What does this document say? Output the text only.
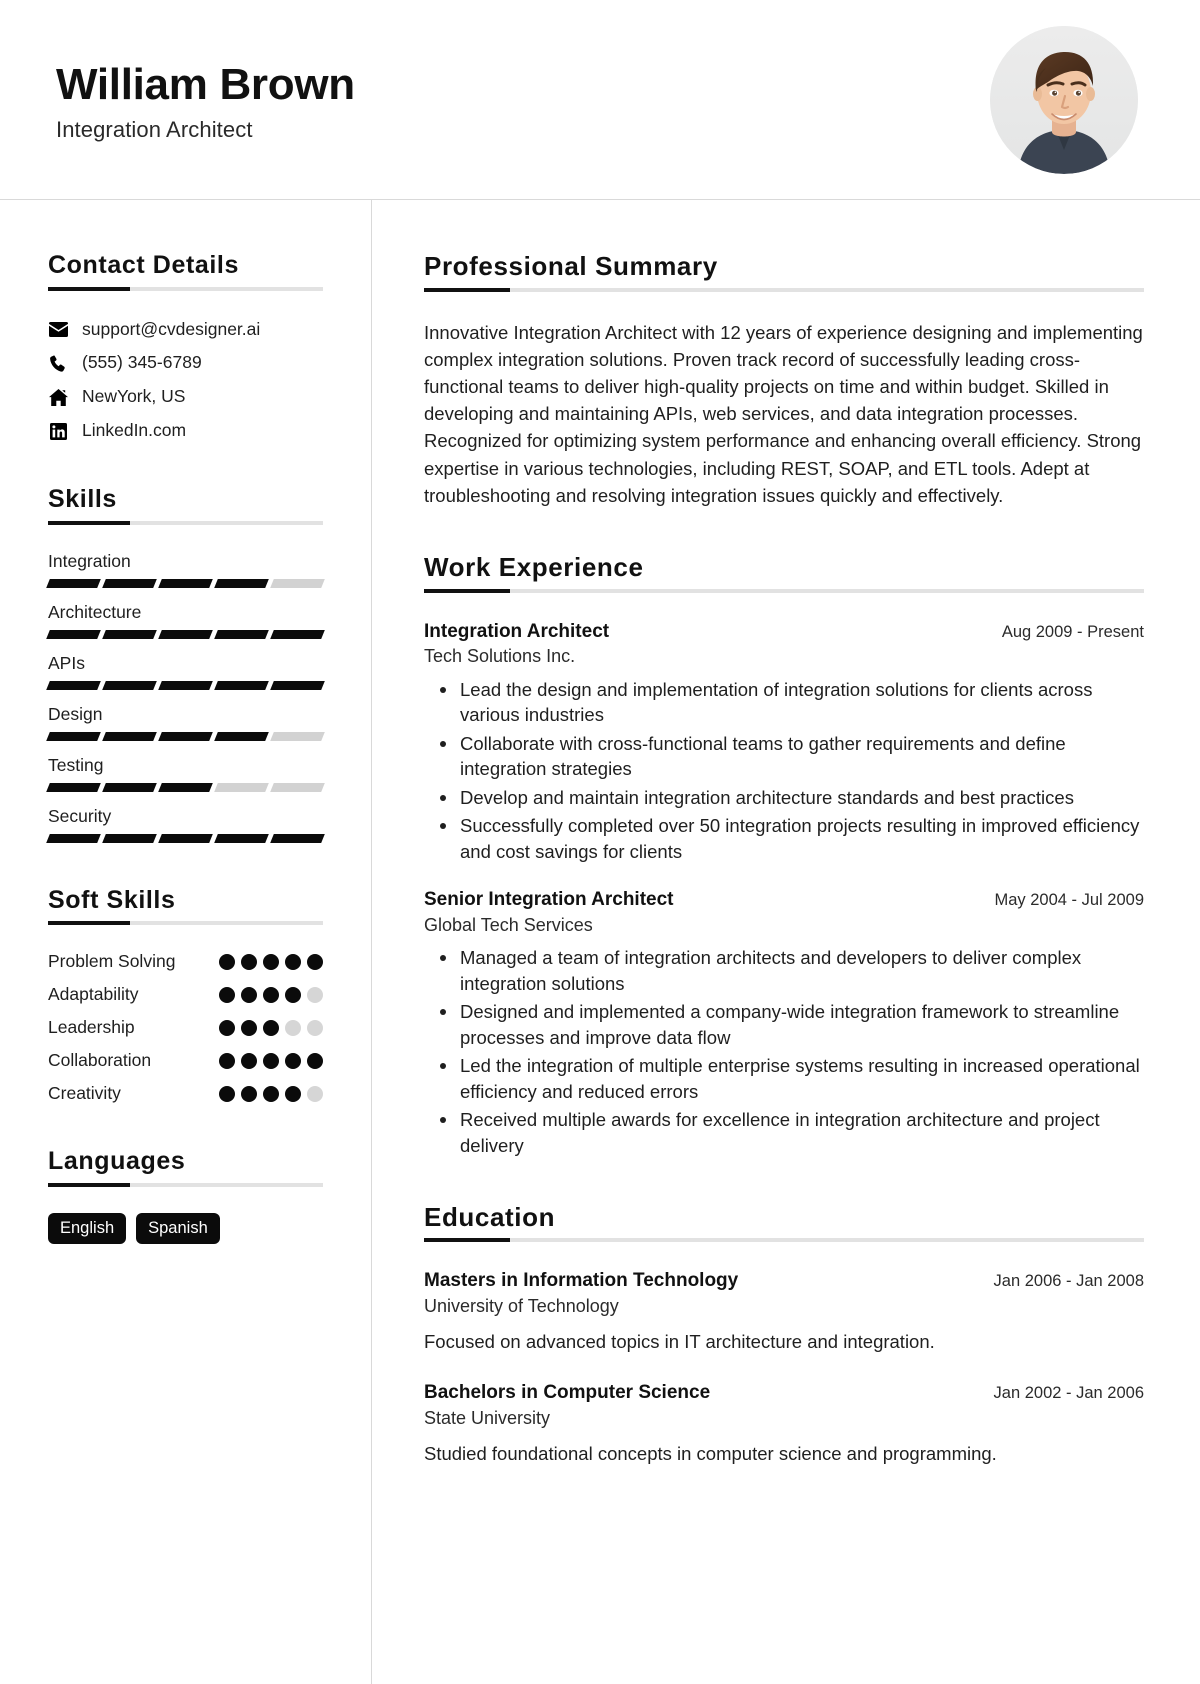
William Brown
Integration Architect
Contact Details
support@cvdesigner.ai
(555) 345-6789
NewYork, US
LinkedIn.com
Skills
Integration
Architecture
APIs
Design
Testing
Security
Soft Skills
Problem Solving
Adaptability
Leadership
Collaboration
Creativity
Languages
English	Spanish
Professional Summary

Innovative Integration Architect with 12 years of experience designing and implementing complex integration solutions. Proven track record of successfully leading cross-functional teams to deliver high-quality projects on time and within budget. Skilled in developing and maintaining APIs, web services, and data integration processes. Recognized for optimizing system performance and enhancing overall efficiency. Strong expertise in various technologies, including REST, SOAP, and ETL tools. Adept at troubleshooting and resolving integration issues quickly and effectively.

Work Experience
Integration Architect	Aug 2009 - Present
Tech Solutions Inc.
Lead the design and implementation of integration solutions for clients across various industries
Collaborate with cross-functional teams to gather requirements and define integration strategies
Develop and maintain integration architecture standards and best practices
Successfully completed over 50 integration projects resulting in improved efficiency and cost savings for clients
Senior Integration Architect	May 2004 - Jul 2009
Global Tech Services
Managed a team of integration architects and developers to deliver complex integration solutions
Designed and implemented a company-wide integration framework to streamline processes and improve data flow
Led the integration of multiple enterprise systems resulting in increased operational efficiency and reduced errors
Received multiple awards for excellence in integration architecture and project delivery
Education
Masters in Information Technology	Jan 2006 - Jan 2008
University of Technology
Focused on advanced topics in IT architecture and integration.
Bachelors in Computer Science	Jan 2002 - Jan 2006
State University
Studied foundational concepts in computer science and programming.
